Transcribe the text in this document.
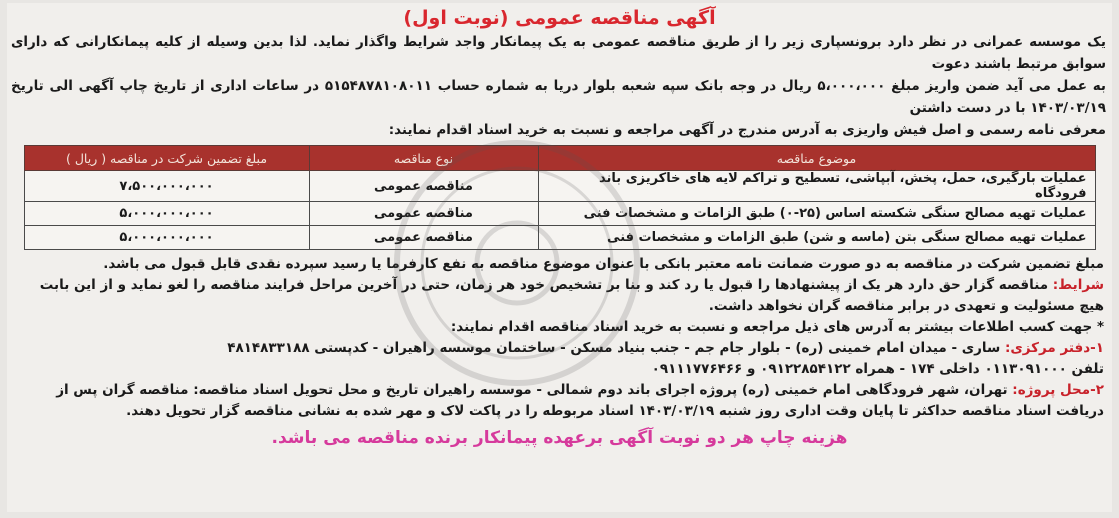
آگهی مناقصه عمومی (نوبت اول)
یک موسسه عمرانی در نظر دارد برونسپاری زیر را از طریق مناقصه عمومی به یک پیمانکار واجد شرایط واگذار نماید. لذا بدین وسیله از کلیه پیمانکارانی که دارای سوابق مرتبط باشند دعوت
به عمل می آید ضمن واریز مبلغ ۵،۰۰۰،۰۰۰ ریال در وجه بانک سپه شعبه بلوار دریا به شماره حساب ۵۱۵۴۸۷۸۱۰۸۰۱۱ در ساعات اداری از تاریخ چاپ آگهی الی تاریخ ۱۴۰۳/۰۳/۱۹ با در دست داشتن
معرفی نامه رسمی و اصل فیش واریزی به آدرس مندرج در آگهی مراجعه و نسبت به خرید اسناد اقدام نمایند:
موضوع مناقصه	نوع مناقصه	مبلغ تضمین شرکت در مناقصه ( ریال )
عملیات بارگیری، حمل، پخش، آبپاشی، تسطیح و تراکم لایه های خاکریزی باند فرودگاه	مناقصه عمومی	۷،۵۰۰،۰۰۰،۰۰۰
عملیات تهیه مصالح سنگی شکسته اساس (۲۵-۰) طبق الزامات و مشخصات فنی	مناقصه عمومی	۵،۰۰۰،۰۰۰،۰۰۰
عملیات تهیه مصالح سنگی بتن (ماسه و شن) طبق الزامات و مشخصات فنی	مناقصه عمومی	۵،۰۰۰،۰۰۰،۰۰۰

مبلغ تضمین شرکت در مناقصه به دو صورت ضمانت نامه معتبر بانکی با عنوان موضوع مناقصه به نفع کارفرما یا رسید سپرده نقدی قابل قبول می باشد.

شرایط: مناقصه گزار حق دارد هر یک از پیشنهادها را قبول یا رد کند و بنا بر تشخیص خود هر زمان، حتی در آخرین مراحل فرایند مناقصه را لغو نماید و از این بابت هیچ مسئولیت و تعهدی در برابر مناقصه گران نخواهد داشت.

* جهت کسب اطلاعات بیشتر به آدرس های ذیل مراجعه و نسبت به خرید اسناد مناقصه اقدام نمایند:

۱-دفتر مرکزی: ساری - میدان امام خمینی (ره) - بلوار جام جم - جنب بنیاد مسکن - ساختمان موسسه راهیران - کدپستی ۴۸۱۴۸۳۳۱۸۸

تلفن ۰۱۱۳۰۹۱۰۰۰ داخلی ۱۷۴ - همراه ۰۹۱۲۲۸۵۴۱۲۲ و ۰۹۱۱۱۷۷۶۴۶۶

۲-محل پروژه: تهران، شهر فرودگاهی امام خمینی (ره) پروژه اجرای باند دوم شمالی - موسسه راهیران تاریخ و محل تحویل اسناد مناقصه: مناقصه گران پس از دریافت اسناد مناقصه حداکثر تا پایان وقت اداری روز شنبه ۱۴۰۳/۰۳/۱۹ اسناد مربوطه را در پاکت لاک و مهر شده به نشانی مناقصه گزار تحویل دهند.

هزینه چاپ هر دو نوبت آگهی برعهده پیمانکار برنده مناقصه می باشد.
